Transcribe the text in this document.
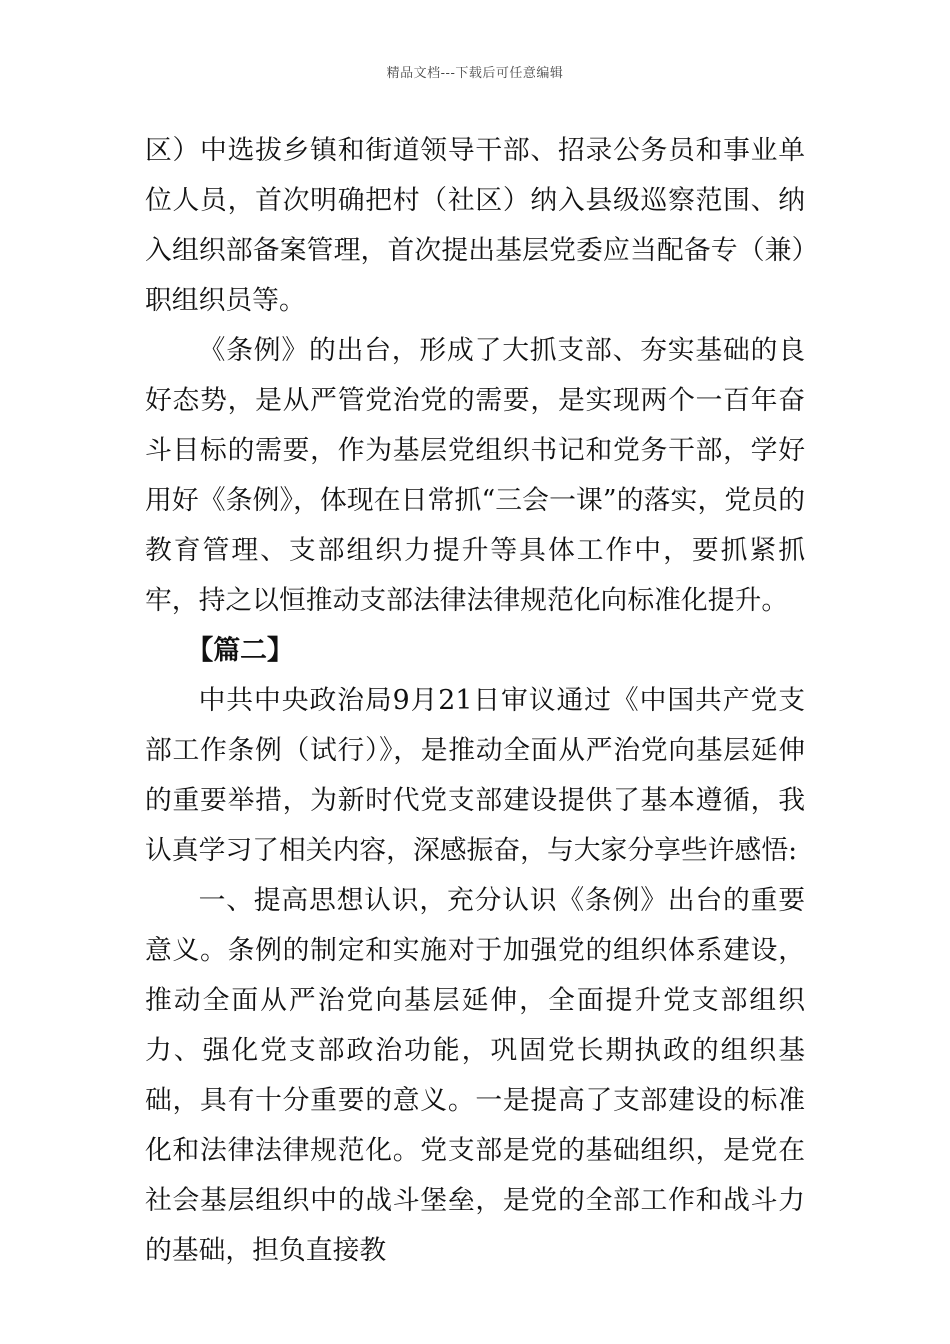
精品文档---下载后可任意编辑

区）中选拔乡镇和街道领导干部、招录公务员和事业单位人员，首次明确把村（社区）纳入县级巡察范围、纳入组织部备案管理，首次提出基层党委应当配备专（兼）职组织员等。

《条例》的出台，形成了大抓支部、夯实基础的良好态势，是从严管党治党的需要，是实现两个一百年奋斗目标的需要，作为基层党组织书记和党务干部，学好用好《条例》，体现在日常抓“三会一课”的落实，党员的教育管理、支部组织力提升等具体工作中，要抓紧抓牢，持之以恒推动支部法律法律规范化向标准化提升。

【篇二】

中共中央政治局9月21日审议通过《中国共产党支部工作条例（试行）》，是推动全面从严治党向基层延伸的重要举措，为新时代党支部建设提供了基本遵循，我认真学习了相关内容，深感振奋，与大家分享些许感悟:

一、提高思想认识，充分认识《条例》出台的重要意义。条例的制定和实施对于加强党的组织体系建设，推动全面从严治党向基层延伸，全面提升党支部组织力、强化党支部政治功能，巩固党长期执政的组织基础，具有十分重要的意义。一是提高了支部建设的标准化和法律法律规范化。党支部是党的基础组织，是党在社会基层组织中的战斗堡垒，是党的全部工作和战斗力的基础，担负直接教
